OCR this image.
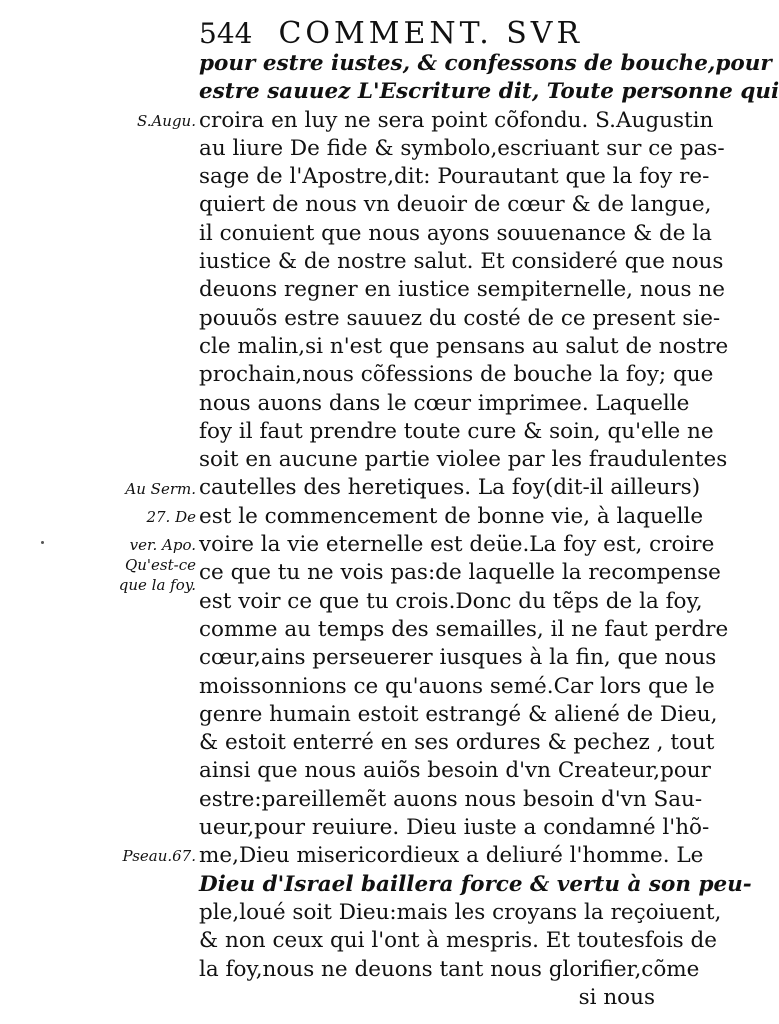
544 COMMENT. SVR
S.Augu.
Au Serm.
27. De
ver. Apo.
Qu'est-ce
que la foy.
Pseau.67.
pour estre iustes, & confessons de bouche,pour
estre sauuez L'Escriture dit, Toute personne qui
croira en luy ne sera point cõfondu. S.Augustin
au liure De fide & symbolo,escriuant sur ce pas-
sage de l'Apostre,dit: Pourautant que la foy re-
quiert de nous vn deuoir de cœur & de langue,
il conuient que nous ayons souuenance & de la
iustice & de nostre salut. Et consideré que nous
deuons regner en iustice sempiternelle, nous ne
pouuõs estre sauuez du costé de ce present sie-
cle malin,si n'est que pensans au salut de nostre
prochain,nous cõfessions de bouche la foy; que
nous auons dans le cœur imprimee. Laquelle
foy il faut prendre toute cure & soin, qu'elle ne
soit en aucune partie violee par les fraudulentes
cautelles des heretiques. La foy(dit-il ailleurs)
est le commencement de bonne vie, à laquelle
voire la vie eternelle est deüe.La foy est, croire
ce que tu ne vois pas:de laquelle la recompense
est voir ce que tu crois.Donc du tẽps de la foy,
comme au temps des semailles, il ne faut perdre
cœur,ains perseuerer iusques à la fin, que nous
moissonnions ce qu'auons semé.Car lors que le
genre humain estoit estrangé & aliené de Dieu,
& estoit enterré en ses ordures & pechez , tout
ainsi que nous auiõs besoin d'vn Createur,pour
estre:pareillemẽt auons nous besoin d'vn Sau-
ueur,pour reuiure. Dieu iuste a condamné l'hõ-
me,Dieu misericordieux a deliuré l'homme. Le
Dieu d'Israel baillera force & vertu à son peu-
ple,loué soit Dieu:mais les croyans la reçoiuent,
& non ceux qui l'ont à mespris. Et toutesfois de
la foy,nous ne deuons tant nous glorifier,cõme
si nous
